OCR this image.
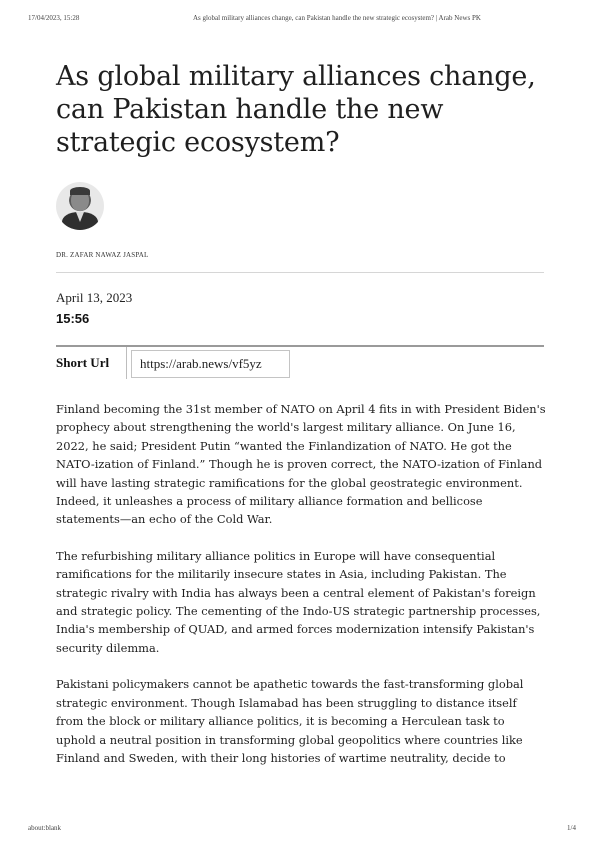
17/04/2023, 15:28	As global military alliances change, can Pakistan handle the new strategic ecosystem? | Arab News PK
As global military alliances change, can Pakistan handle the new strategic ecosystem?
DR. ZAFAR NAWAZ JASPAL
April 13, 2023
15:56
Short Url	https://arab.news/vf5yz

Finland becoming the 31st member of NATO on April 4 fits in with President Biden's prophecy about strengthening the world's largest military alliance. On June 16, 2022, he said; President Putin “wanted the Finlandization of NATO. He got the NATO-ization of Finland.” Though he is proven correct, the NATO-ization of Finland will have lasting strategic ramifications for the global geostrategic environment. Indeed, it unleashes a process of military alliance formation and bellicose statements—an echo of the Cold War.

The refurbishing military alliance politics in Europe will have consequential ramifications for the militarily insecure states in Asia, including Pakistan. The strategic rivalry with India has always been a central element of Pakistan's foreign and strategic policy. The cementing of the Indo-US strategic partnership processes, India's membership of QUAD, and armed forces modernization intensify Pakistan's security dilemma.

Pakistani policymakers cannot be apathetic towards the fast-transforming global strategic environment. Though Islamabad has been struggling to distance itself from the block or military alliance politics, it is becoming a Herculean task to uphold a neutral position in transforming global geopolitics where countries like Finland and Sweden, with their long histories of wartime neutrality, decide to

about:blank	1/4
